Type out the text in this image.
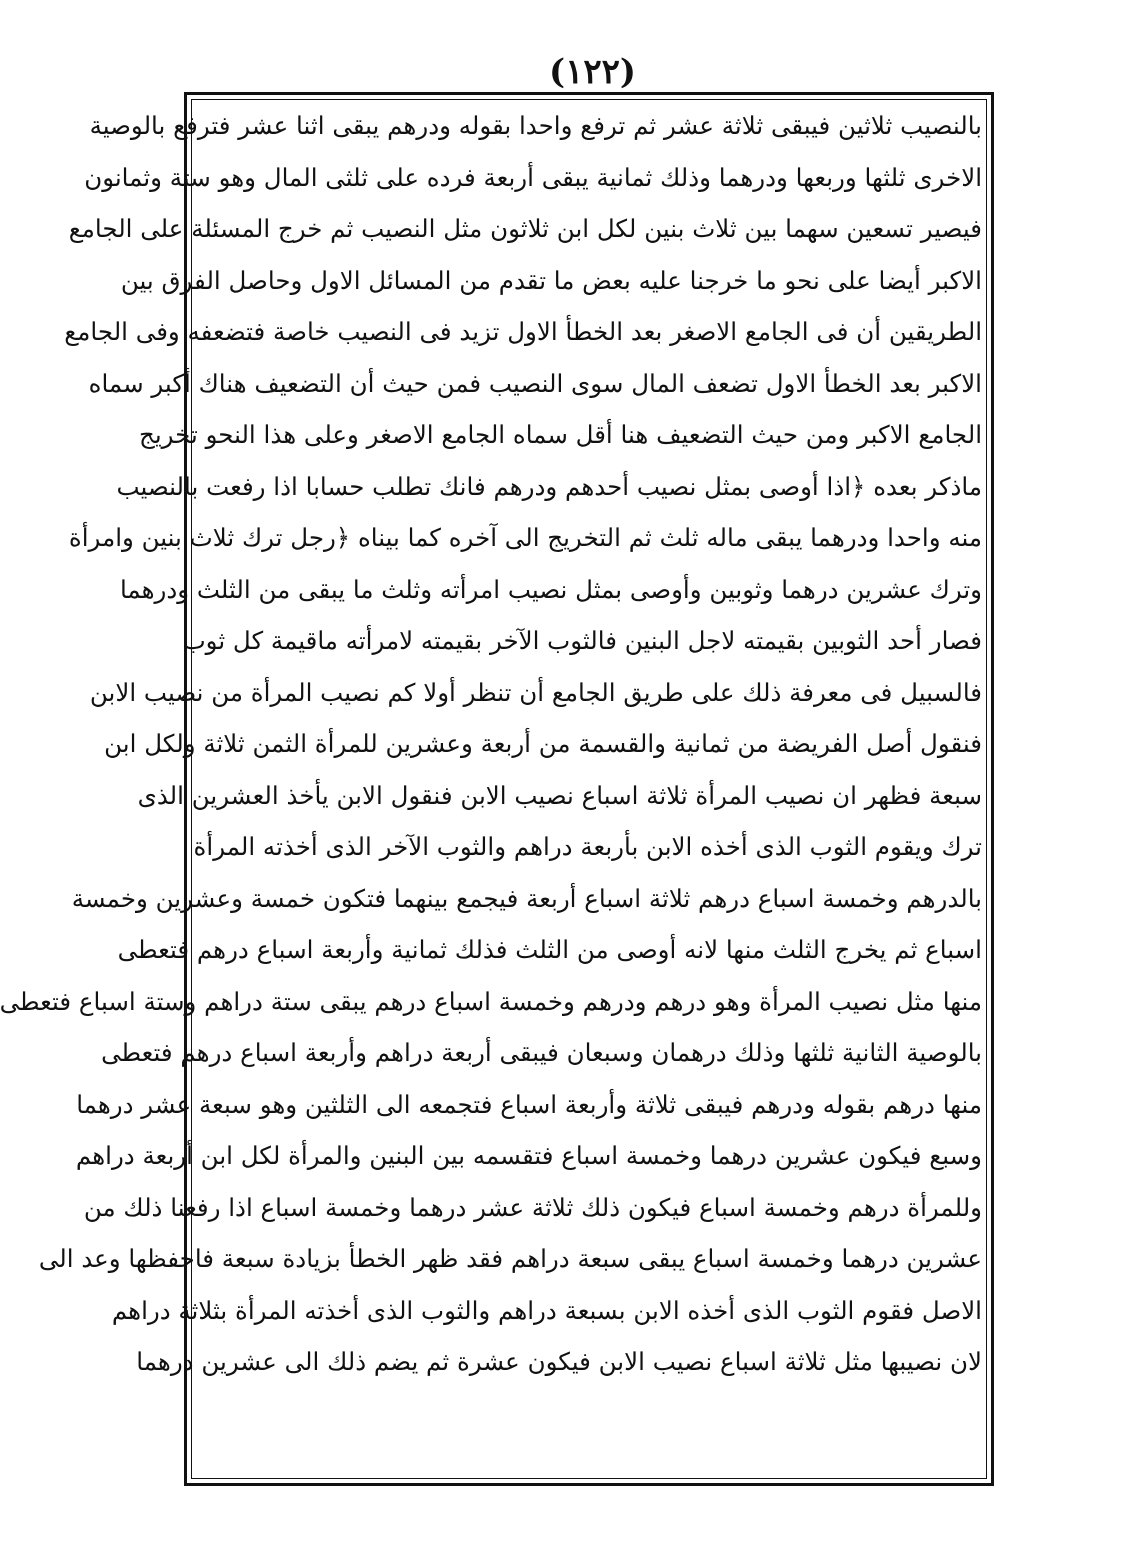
(١٢٢)
بالنصيب ثلاثين فيبقى ثلاثة عشر ثم ترفع واحدا بقوله ودرهم يبقى اثنا عشر فترفع بالوصية
الاخرى ثلثها وربعها ودرهما وذلك ثمانية يبقى أربعة فرده على ثلثى المال وهو ستة وثمانون
فيصير تسعين سهما بين ثلاث بنين لكل ابن ثلاثون مثل النصيب ثم خرج المسئلة على الجامع
الاكبر أيضا على نحو ما خرجنا عليه بعض ما تقدم من المسائل الاول وحاصل الفرق بين
الطريقين أن فى الجامع الاصغر بعد الخطأ الاول تزيد فى النصيب خاصة فتضعفه وفى الجامع
الاكبر بعد الخطأ الاول تضعف المال سوى النصيب فمن حيث أن التضعيف هناك أكبر سماه
الجامع الاكبر ومن حيث التضعيف هنا أقل سماه الجامع الاصغر وعلى هذا النحو تخريج
ماذكر بعده ﴿اذا أوصى بمثل نصيب أحدهم ودرهم فانك تطلب حسابا اذا رفعت بالنصيب
منه واحدا ودرهما يبقى ماله ثلث ثم التخريج الى آخره كما بيناه ﴿رجل ترك ثلاث بنين وامرأة
وترك عشرين درهما وثوبين وأوصى بمثل نصيب امرأته وثلث ما يبقى من الثلث ودرهما
فصار أحد الثوبين بقيمته لاجل البنين فالثوب الآخر بقيمته لامرأته ماقيمة كل ثوب
فالسبيل فى معرفة ذلك على طريق الجامع أن تنظر أولا كم نصيب المرأة من نصيب الابن
فنقول أصل الفريضة من ثمانية والقسمة من أربعة وعشرين للمرأة الثمن ثلاثة ولكل ابن
سبعة فظهر ان نصيب المرأة ثلاثة اسباع نصيب الابن فنقول الابن يأخذ العشرين الذى
ترك ويقوم الثوب الذى أخذه الابن بأربعة دراهم والثوب الآخر الذى أخذته المرأة
بالدرهم وخمسة اسباع درهم ثلاثة اسباع أربعة فيجمع بينهما فتكون خمسة وعشرين وخمسة
اسباع ثم يخرج الثلث منها لانه أوصى من الثلث فذلك ثمانية وأربعة اسباع درهم فتعطى
منها مثل نصيب المرأة وهو درهم ودرهم وخمسة اسباع درهم يبقى ستة دراهم وستة اسباع فتعطى
بالوصية الثانية ثلثها وذلك درهمان وسبعان فيبقى أربعة دراهم وأربعة اسباع درهم فتعطى
منها درهم بقوله ودرهم فيبقى ثلاثة وأربعة اسباع فتجمعه الى الثلثين وهو سبعة عشر درهما
وسبع فيكون عشرين درهما وخمسة اسباع فتقسمه بين البنين والمرأة لكل ابن أربعة دراهم
وللمرأة درهم وخمسة اسباع فيكون ذلك ثلاثة عشر درهما وخمسة اسباع اذا رفعنا ذلك من
عشرين درهما وخمسة اسباع يبقى سبعة دراهم فقد ظهر الخطأ بزيادة سبعة فاحفظها وعد الى
الاصل فقوم الثوب الذى أخذه الابن بسبعة دراهم والثوب الذى أخذته المرأة بثلاثة دراهم
لان نصيبها مثل ثلاثة اسباع نصيب الابن فيكون عشرة ثم يضم ذلك الى عشرين درهما
